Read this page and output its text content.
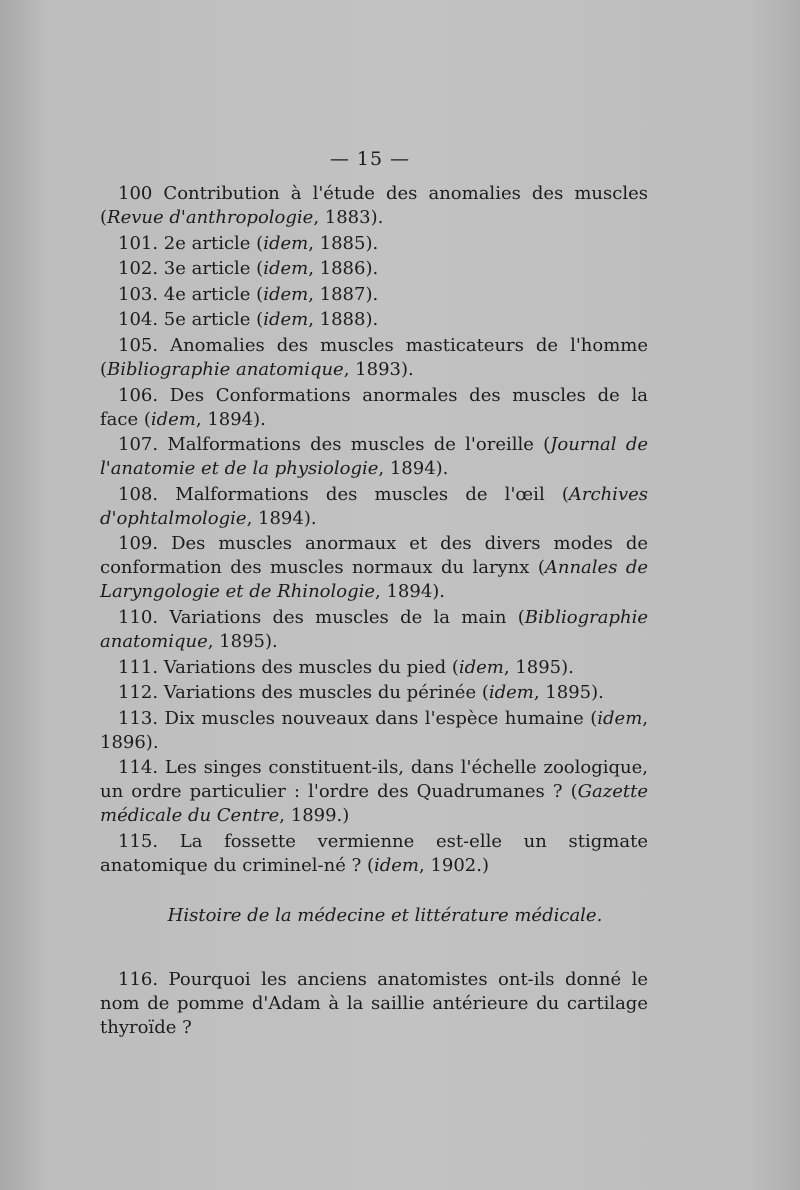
— 15 —

100 Contribution à l'étude des anomalies des muscles (Revue d'anthropologie, 1883).

101. 2e article (idem, 1885).

102. 3e article (idem, 1886).

103. 4e article (idem, 1887).

104. 5e article (idem, 1888).

105. Anomalies des muscles masticateurs de l'homme (Bibliographie anatomique, 1893).

106. Des Conformations anormales des muscles de la face (idem, 1894).

107. Malformations des muscles de l'oreille (Journal de l'anatomie et de la physiologie, 1894).

108. Malformations des muscles de l'œil (Archives d'ophtalmologie, 1894).

109. Des muscles anormaux et des divers modes de conformation des muscles normaux du larynx (Annales de Laryngologie et de Rhinologie, 1894).

110. Variations des muscles de la main (Bibliographie anatomique, 1895).

111. Variations des muscles du pied (idem, 1895).

112. Variations des muscles du périnée (idem, 1895).

113. Dix muscles nouveaux dans l'espèce humaine (idem, 1896).

114. Les singes constituent-ils, dans l'échelle zoologique, un ordre particulier : l'ordre des Quadrumanes ? (Gazette médicale du Centre, 1899.)

115. La fossette vermienne est-elle un stigmate anatomique du criminel-né ? (idem, 1902.)

Histoire de la médecine et littérature médicale.

116. Pourquoi les anciens anatomistes ont-ils donné le nom de pomme d'Adam à la saillie antérieure du cartilage thyroïde ?
